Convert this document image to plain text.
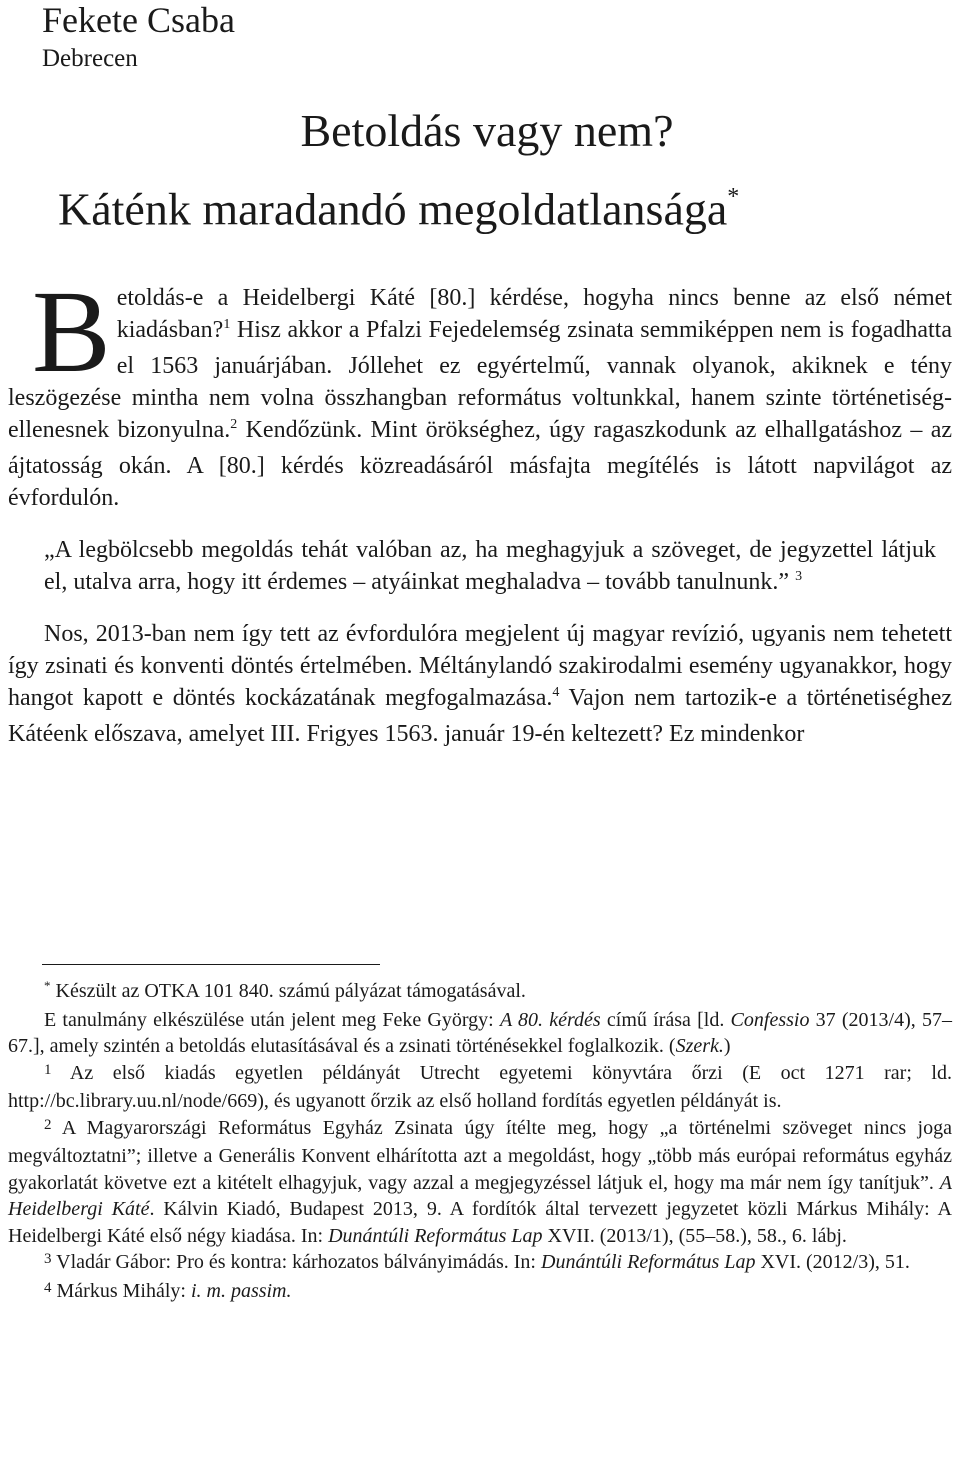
Fekete Csaba
Debrecen
Betoldás vagy nem?
Káténk maradandó megoldatlansága*

Betoldás-e a Heidelbergi Káté [80.] kérdése, hogyha nincs benne az első német kiadásban?$^1$ Hisz akkor a Pfalzi Fejedelemség zsinata semmiképpen nem is fogadhatta el 1563 januárjában. Jóllehet ez egyértelmű, vannak olyanok, akiknek e tény leszögezése mintha nem volna összhangban református voltunkkal, hanem szinte történetiség-ellenesnek bizonyulna.$^2$ Kendőzünk. Mint örökséghez, úgy ragaszkodunk az elhallgatáshoz – az ájtatosság okán. A [80.] kérdés közreadásáról másfajta megítélés is látott napvilágot az évfordulón.

„A legbölcsebb megoldás tehát valóban az, ha meghagyjuk a szöveget, de jegyzettel látjuk el, utalva arra, hogy itt érdemes – atyáinkat meghaladva – tovább tanulnunk.” $^3$

Nos, 2013-ban nem így tett az évfordulóra megjelent új magyar revízió, ugyanis nem tehetett így zsinati és konventi döntés értelmében. Méltánylandó szakirodalmi esemény ugyanakkor, hogy hangot kapott e döntés kockázatának megfogalmazása.$^4$ Vajon nem tartozik-e a történetiséghez Kátéenk előszava, amelyet III. Frigyes 1563. január 19-én keltezett? Ez mindenkor

* Készült az OTKA 101 840. számú pályázat támogatásával.

E tanulmány elkészülése után jelent meg Feke György: A 80. kérdés című írása [ld. Confessio 37 (2013/4), 57–67.], amely szintén a betoldás elutasításával és a zsinati történésekkel foglalkozik. (Szerk.)

$^1$ Az első kiadás egyetlen példányát Utrecht egyetemi könyvtára őrzi (E oct 1271 rar; ld. http://bc.library.uu.nl/node/669), és ugyanott őrzik az első holland fordítás egyetlen példányát is.

$^2$ A Magyarországi Református Egyház Zsinata úgy ítélte meg, hogy „a történelmi szöveget nincs joga megváltoztatni”; illetve a Generális Konvent elhárította azt a megoldást, hogy „több más európai református egyház gyakorlatát követve ezt a kitételt elhagyjuk, vagy azzal a megjegyzéssel látjuk el, hogy ma már nem így tanítjuk”. A Heidelbergi Káté. Kálvin Kiadó, Budapest 2013, 9. A fordítók által tervezett jegyzetet közli Márkus Mihály: A Heidelbergi Káté első négy kiadása. In: Dunántúli Református Lap XVII. (2013/1), (55–58.), 58., 6. lábj.

$^3$ Vladár Gábor: Pro és kontra: kárhozatos bálványimádás. In: Dunántúli Református Lap XVI. (2012/3), 51.

$^4$ Márkus Mihály: i. m. passim.
